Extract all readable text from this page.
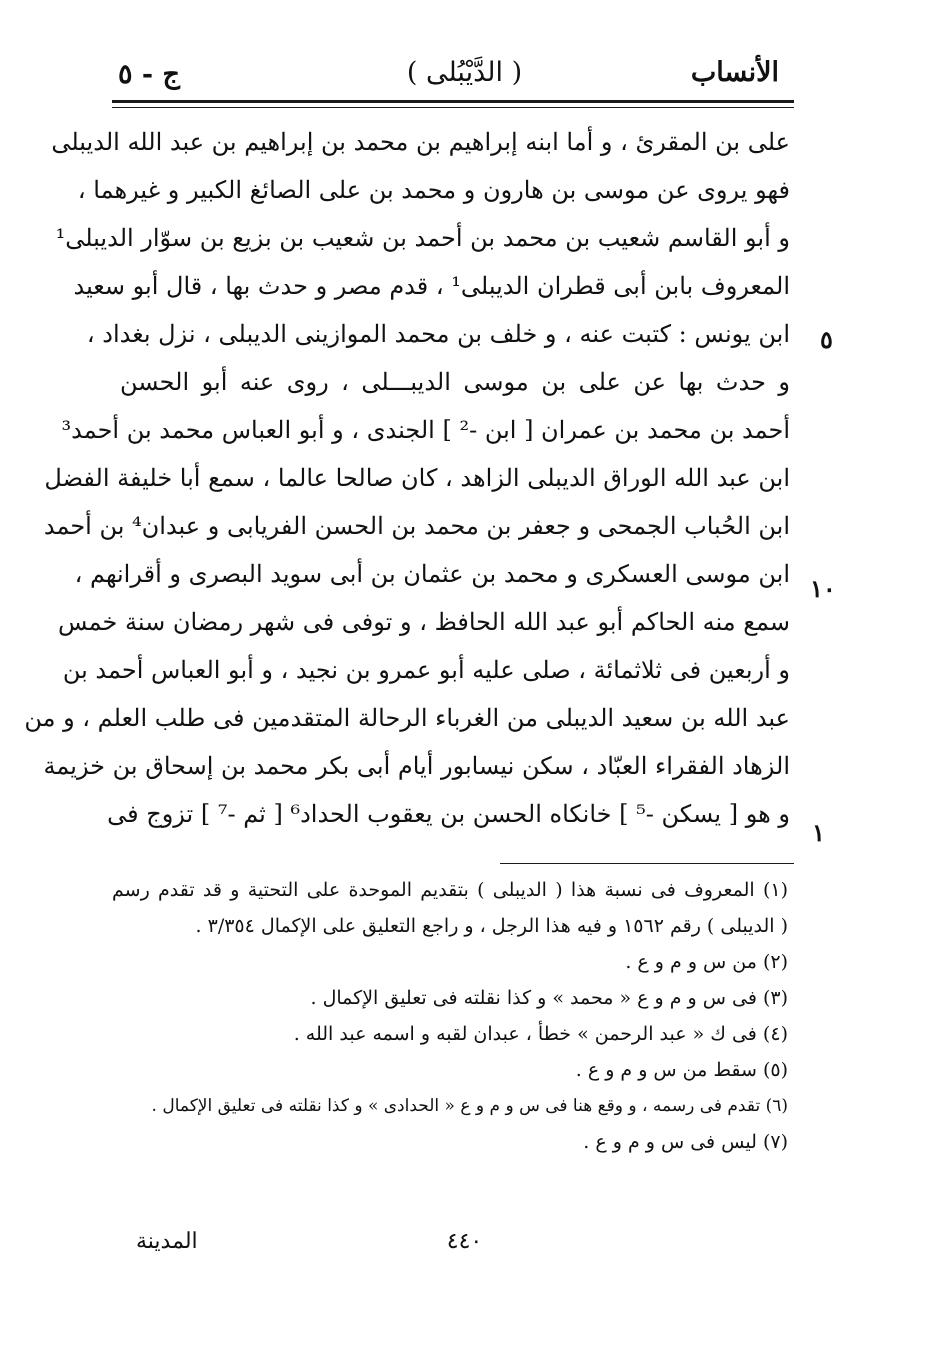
الأنساب
( الدَّيْبُلى )
ج - ٥
على بن المقرئ ، و أما ابنه إبراهيم بن محمد بن إبراهيم بن عبد الله الديبلى
فهو يروى عن موسى بن هارون و محمد بن على الصائغ الكبير و غيرهما ،
و أبو القاسم شعيب بن محمد بن أحمد بن شعيب بن بزيع بن سوّار الديبلى¹
المعروف بابن أبى قطران الديبلى¹ ، قدم مصر و حدث بها ، قال أبو سعيد
ابن يونس : كتبت عنه ، و خلف بن محمد الموازينى الديبلى ، نزل بغداد ،
و حدث بها عن على بن موسى الديبـــلى ، روى عنه أبو الحسن
أحمد بن محمد بن عمران [ ابن -² ] الجندى ، و أبو العباس محمد بن أحمد³
ابن عبد الله الوراق الديبلى الزاهد ، كان صالحا عالما ، سمع أبا خليفة الفضل
ابن الحُباب الجمحى و جعفر بن محمد بن الحسن الفريابى و عبدان⁴ بن أحمد
ابن موسى العسكرى و محمد بن عثمان بن أبى سويد البصرى و أقرانهم ،
سمع منه الحاكم أبو عبد الله الحافظ ، و توفى فى شهر رمضان سنة خمس
و أربعين فى ثلاثمائة ، صلى عليه أبو عمرو بن نجيد ، و أبو العباس أحمد بن
عبد الله بن سعيد الديبلى من الغرباء الرحالة المتقدمين فى طلب العلم ، و من
الزهاد الفقراء العبّاد ، سكن نيسابور أيام أبى بكر محمد بن إسحاق بن خزيمة
و هو [ يسكن -⁵ ] خانكاه الحسن بن يعقوب الحداد⁶ [ ثم -⁷ ] تزوج فى
٥
١٠
١
(١) المعروف فى نسبة هذا ( الديبلى ) بتقديم الموحدة على التحتية و قد تقدم رسم
( الديبلى ) رقم ١٥٦٢ و فيه هذا الرجل ، و راجع التعليق على الإكمال ٣/٣٥٤ .
(٢) من س و م و ع .
(٣) فى س و م و ع « محمد » و كذا نقلته فى تعليق الإكمال .
(٤) فى ك « عبد الرحمن » خطأ ، عبدان لقبه و اسمه عبد الله .
(٥) سقط من س و م و ع .
(٦) تقدم فى رسمه ، و وقع هنا فى س و م و ع « الحدادى » و كذا نقلته فى تعليق الإكمال .
(٧) ليس فى س و م و ع .
٤٤٠
المدينة
